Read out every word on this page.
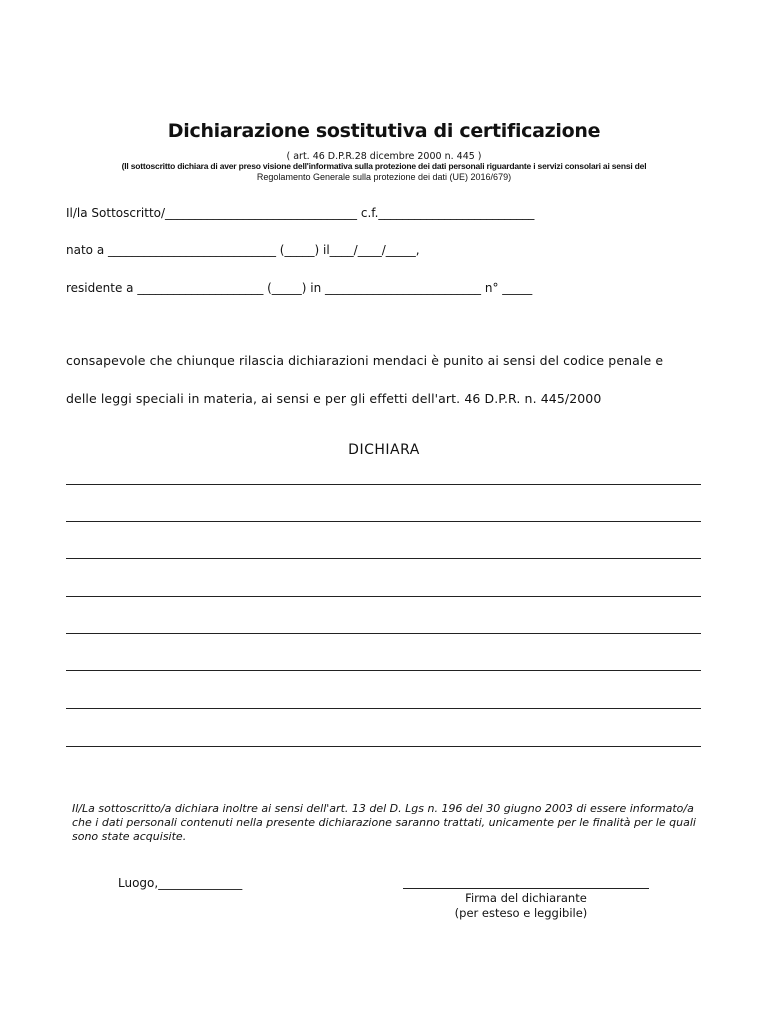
Dichiarazione sostitutiva di certificazione
( art. 46 D.P.R.28 dicembre 2000 n. 445 )
(Il sottoscritto dichiara di aver preso visione dell'informativa sulla protezione dei dati personali riguardante i servizi consolari ai sensi del
Regolamento Generale sulla protezione dei dati (UE) 2016/679)
Il/la Sottoscritto/________________________________ c.f.__________________________
nato a ____________________________ (_____) il____/____/_____,
residente a _____________________ (_____) in __________________________ n° _____
consapevole che chiunque rilascia dichiarazioni mendaci è punito ai sensi del codice penale e
delle leggi speciali in materia, ai sensi e per gli effetti dell'art. 46 D.P.R. n. 445/2000
DICHIARA
Il/La sottoscritto/a dichiara inoltre ai sensi dell'art. 13 del D. Lgs n. 196 del 30 giugno 2003 di essere informato/a che i dati personali contenuti nella presente dichiarazione saranno trattati, unicamente per le finalità per le quali sono state acquisite.
Luogo,______________
Firma del dichiarante
(per esteso e leggibile)
